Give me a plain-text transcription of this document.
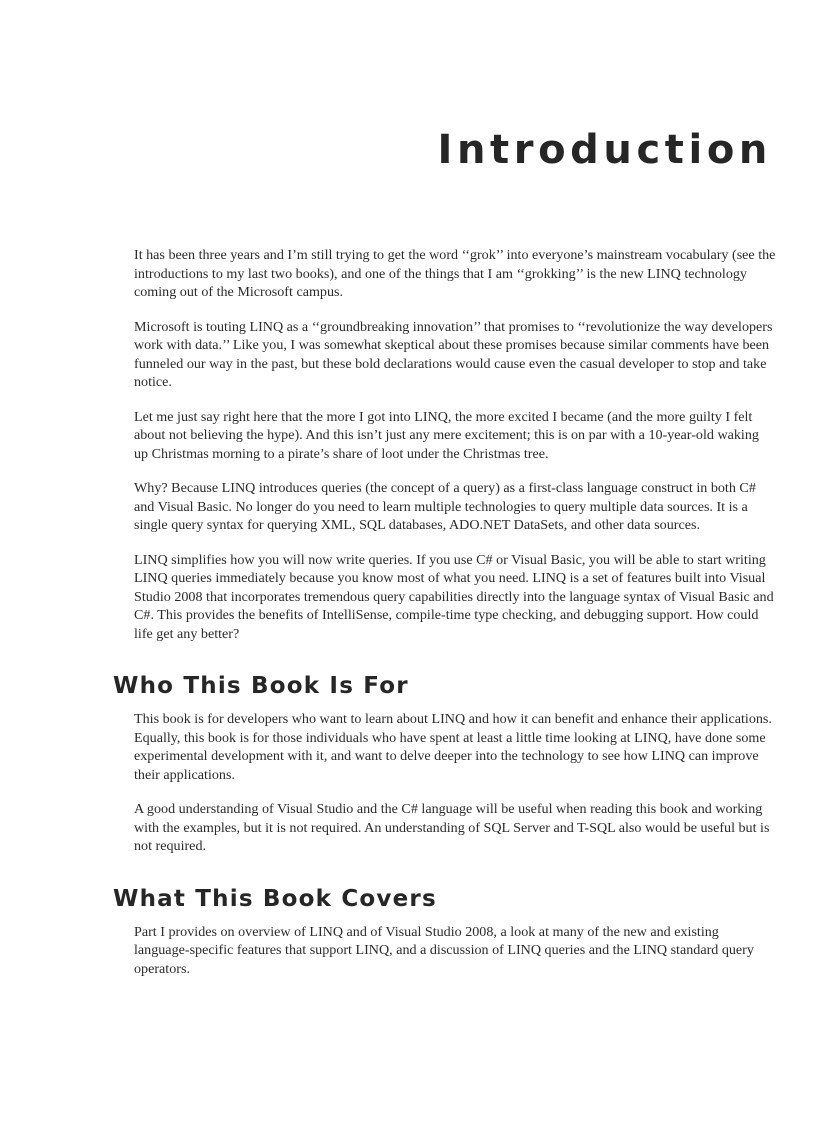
Introduction

It has been three years and I’m still trying to get the word ‘‘grok’’ into everyone’s mainstream vocabulary (see the introductions to my last two books), and one of the things that I am ‘‘grokking’’ is the new LINQ technology coming out of the Microsoft campus.

Microsoft is touting LINQ as a ‘‘groundbreaking innovation’’ that promises to ‘‘revolutionize the way developers work with data.’’ Like you, I was somewhat skeptical about these promises because similar comments have been funneled our way in the past, but these bold declarations would cause even the casual developer to stop and take notice.

Let me just say right here that the more I got into LINQ, the more excited I became (and the more guilty I felt about not believing the hype). And this isn’t just any mere excitement; this is on par with a 10-year-old waking up Christmas morning to a pirate’s share of loot under the Christmas tree.

Why? Because LINQ introduces queries (the concept of a query) as a first-class language construct in both C# and Visual Basic. No longer do you need to learn multiple technologies to query multiple data sources. It is a single query syntax for querying XML, SQL databases, ADO.NET DataSets, and other data sources.

LINQ simplifies how you will now write queries. If you use C# or Visual Basic, you will be able to start writing LINQ queries immediately because you know most of what you need. LINQ is a set of features built into Visual Studio 2008 that incorporates tremendous query capabilities directly into the language syntax of Visual Basic and C#. This provides the benefits of IntelliSense, compile-time type checking, and debugging support. How could life get any better?

Who This Book Is For

This book is for developers who want to learn about LINQ and how it can benefit and enhance their applications. Equally, this book is for those individuals who have spent at least a little time looking at LINQ, have done some experimental development with it, and want to delve deeper into the technology to see how LINQ can improve their applications.

A good understanding of Visual Studio and the C# language will be useful when reading this book and working with the examples, but it is not required. An understanding of SQL Server and T-SQL also would be useful but is not required.

What This Book Covers

Part I provides on overview of LINQ and of Visual Studio 2008, a look at many of the new and existing language-specific features that support LINQ, and a discussion of LINQ queries and the LINQ standard query operators.
